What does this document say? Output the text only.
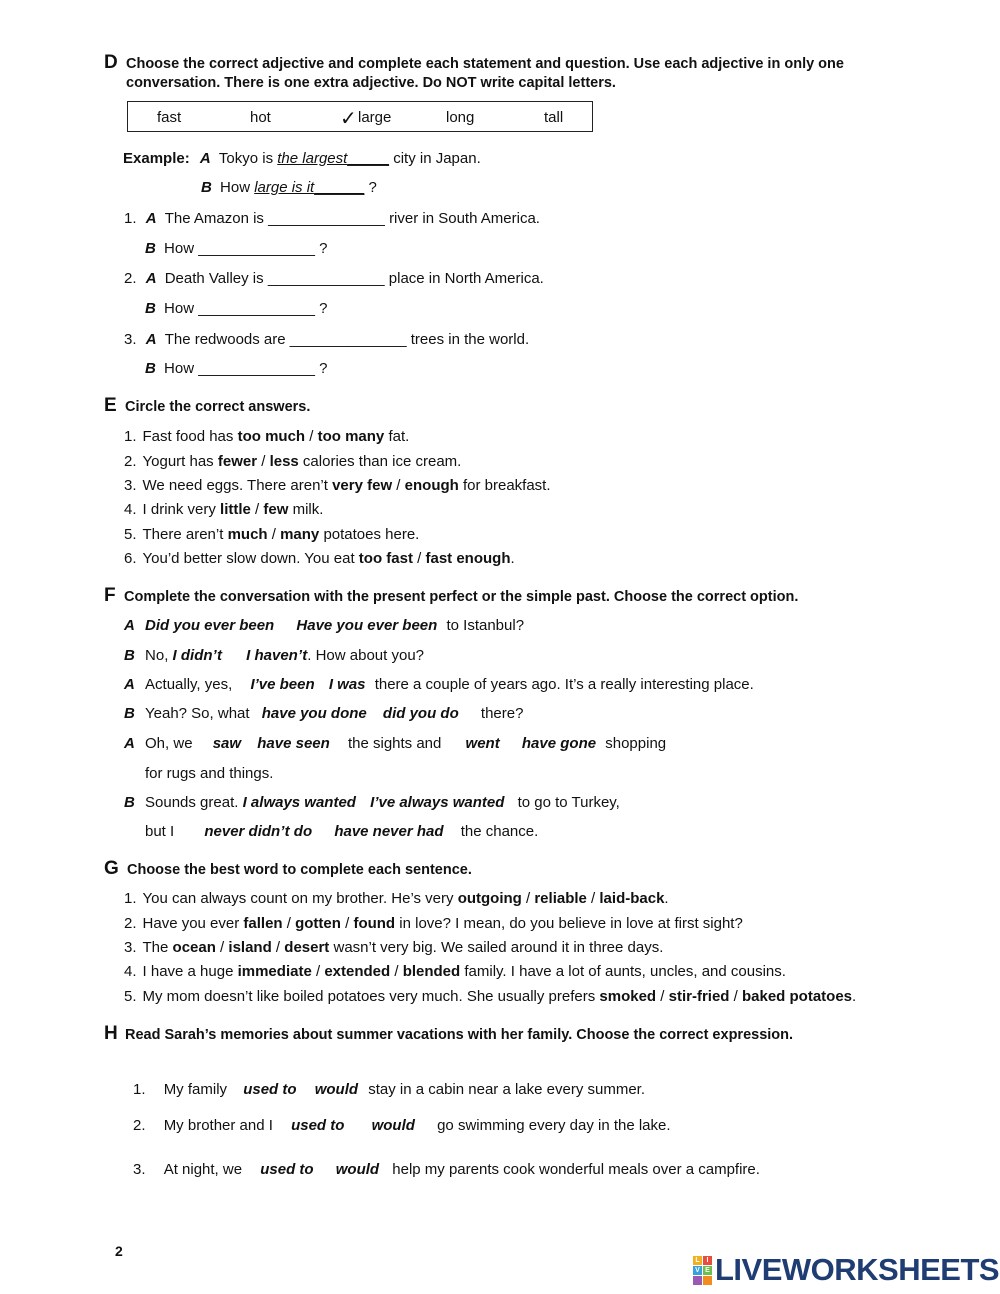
D Choose the correct adjective and complete each statement and question. Use each adjective in only one conversation. There is one extra adjective. Do NOT write capital letters.
fast	hot	✓ large	long	tall
Example: A Tokyo is the largest_____ city in Japan.
B How large is it______ ?
1. A The Amazon is ______________ river in South America.
B How ______________ ?
2. A Death Valley is ______________ place in North America.
B How ______________ ?
3. A The redwoods are ______________ trees in the world.
B How ______________ ?
E Circle the correct answers.
1. Fast food has too much / too many fat.
2. Yogurt has fewer / less calories than ice cream.
3. We need eggs. There aren’t very few / enough for breakfast.
4. I drink very little / few milk.
5. There aren’t much / many potatoes here.
6. You’d better slow down. You eat too fast / fast enough.
F Complete the conversation with the present perfect or the simple past. Choose the correct option.
A Did you ever been Have you ever been to Istanbul?
B No, I didn’t I haven’t. How about you?
A Actually, yes, I’ve been I was there a couple of years ago. It’s a really interesting place.
B Yeah? So, what have you done did you do there?
A Oh, we saw have seen the sights and went have gone shopping
for rugs and things.
B Sounds great. I always wanted I’ve always wanted to go to Turkey,
but I never didn’t do have never had the chance.
G Choose the best word to complete each sentence.
1. You can always count on my brother. He’s very outgoing / reliable / laid-back.
2. Have you ever fallen / gotten / found in love? I mean, do you believe in love at first sight?
3. The ocean / island / desert wasn’t very big. We sailed around it in three days.
4. I have a huge immediate / extended / blended family. I have a lot of aunts, uncles, and cousins.
5. My mom doesn’t like boiled potatoes very much. She usually prefers smoked / stir-fried / baked potatoes.
H Read Sarah’s memories about summer vacations with her family. Choose the correct expression.
1. My family used to would stay in a cabin near a lake every summer.
2. My brother and I used to would go swimming every day in the lake.
3. At night, we used to would help my parents cook wonderful meals over a campfire.
2
L I
V E LIVEWORKSHEETS
